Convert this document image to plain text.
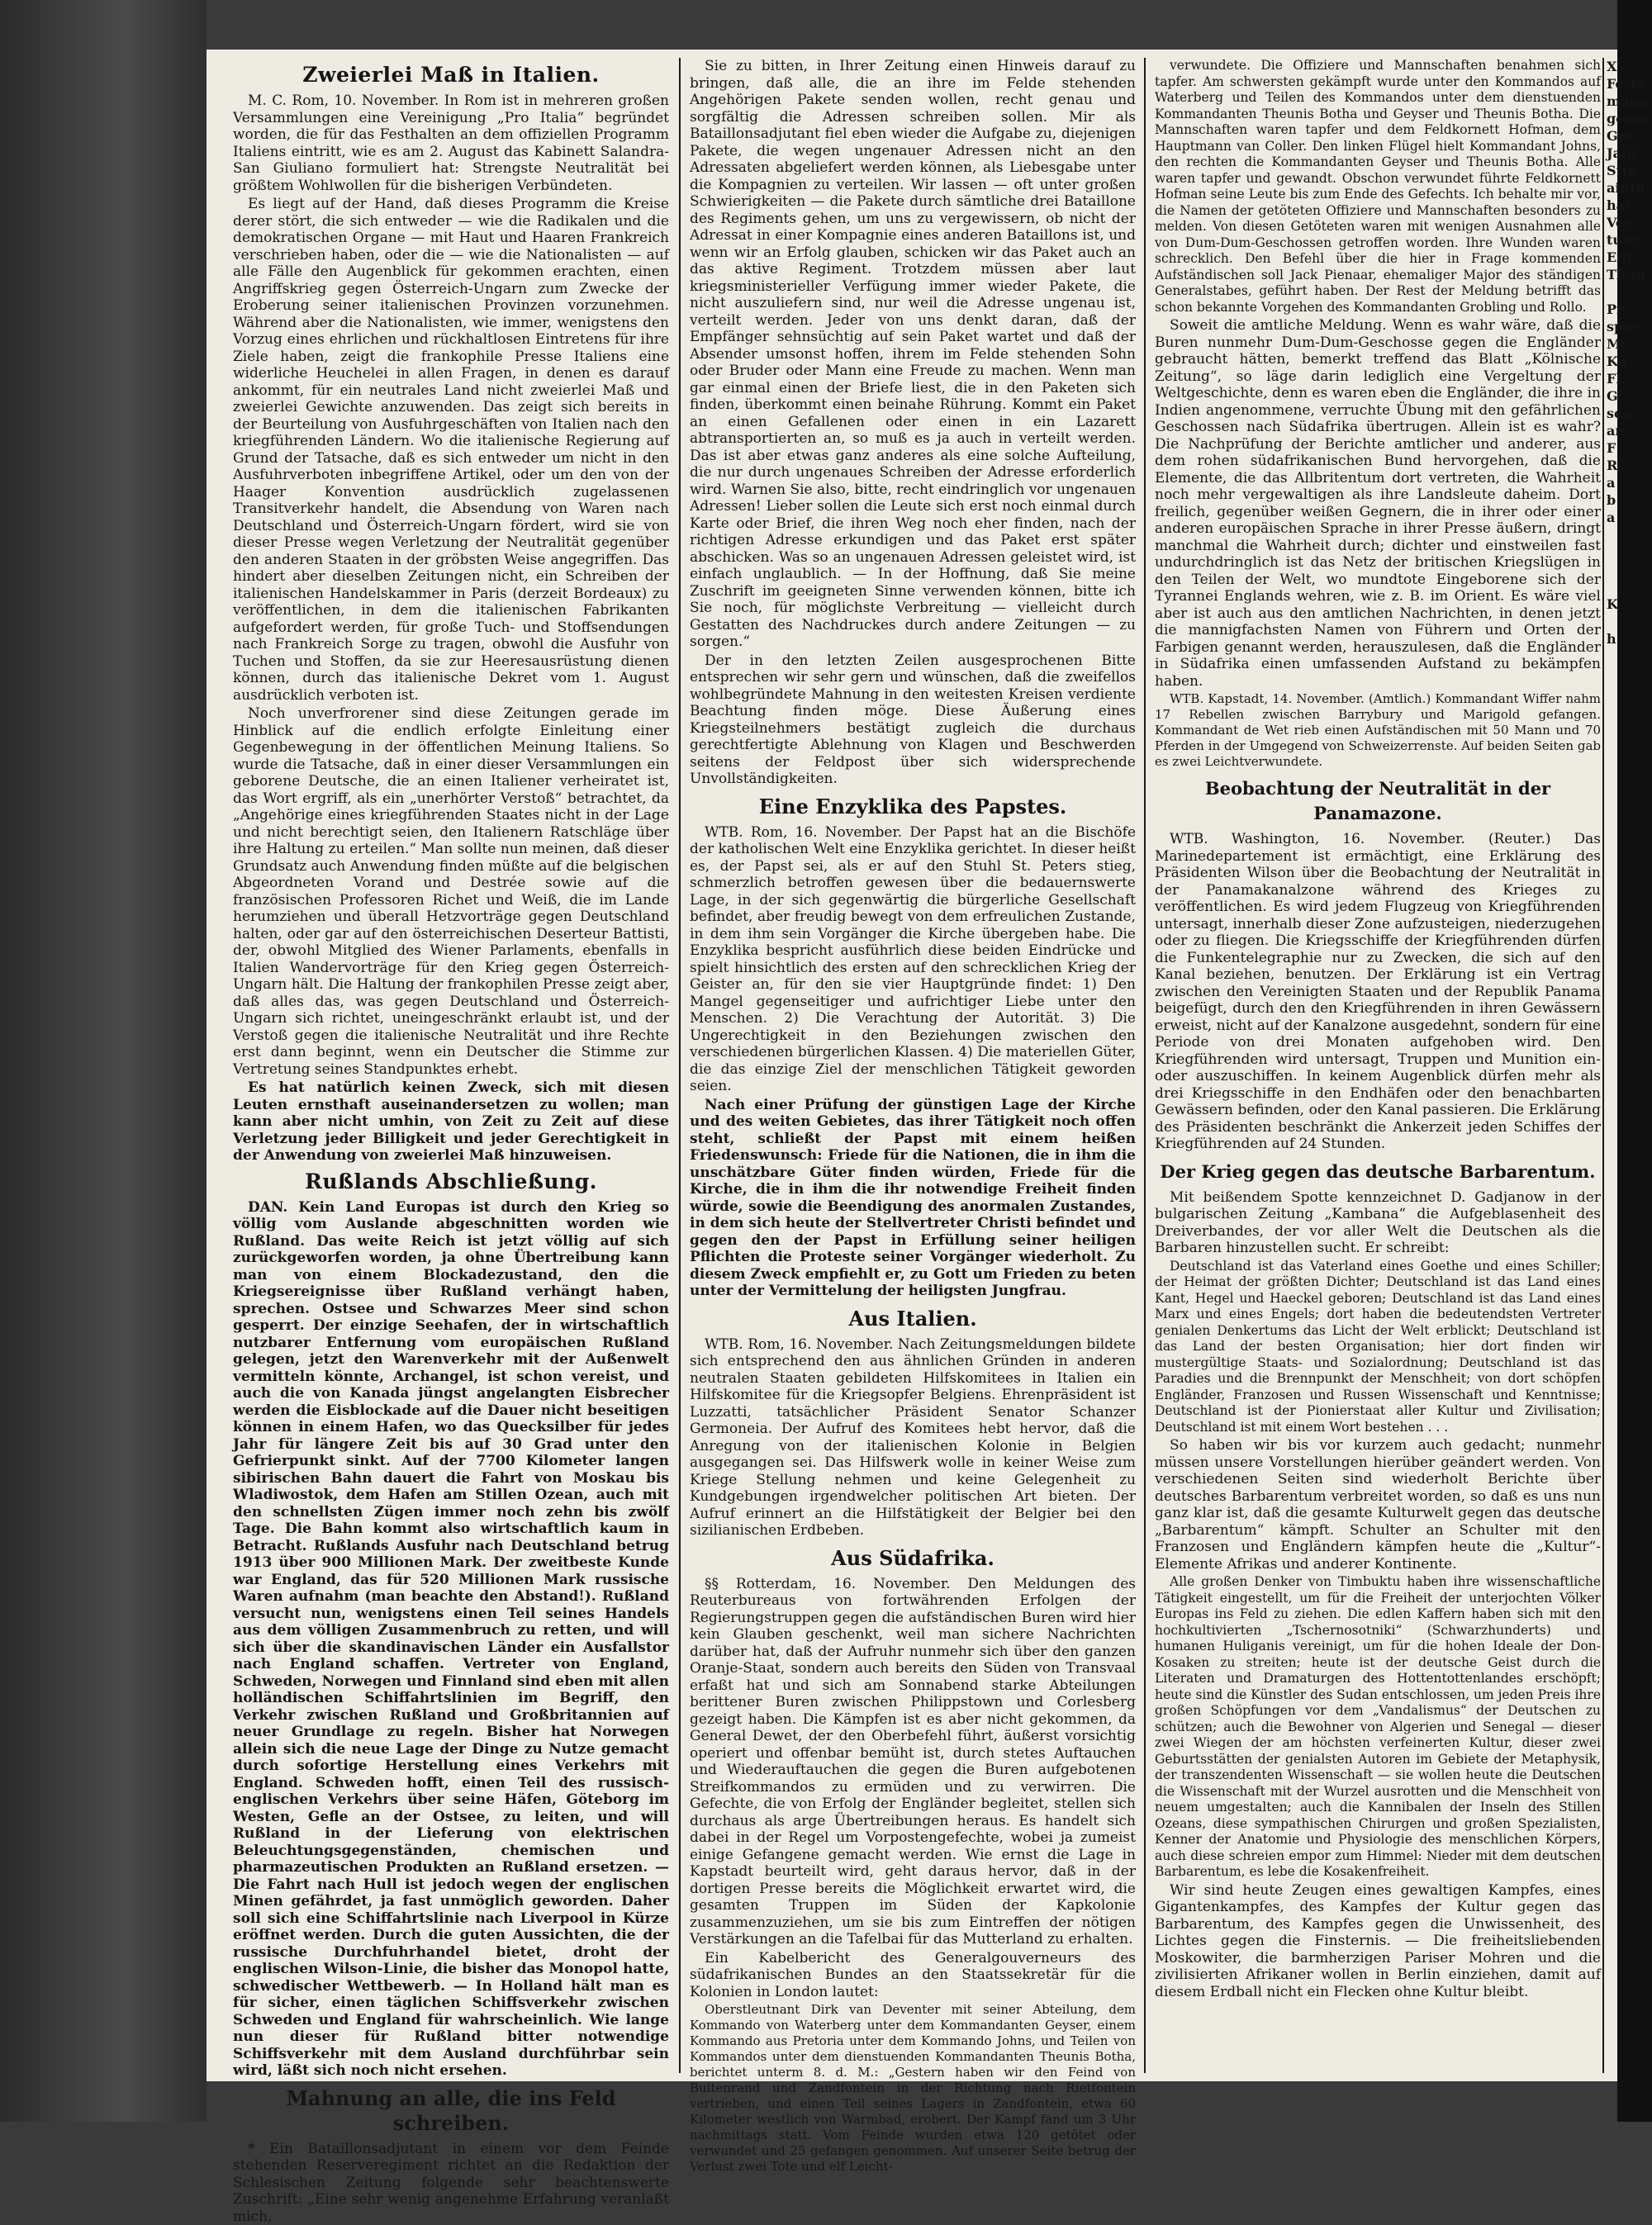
Zweierlei Maß in Italien.

M. C. Rom, 10. November. In Rom ist in mehreren großen Versammlungen eine Vereinigung „Pro Italia“ begründet worden, die für das Festhalten an dem offiziellen Programm Italiens eintritt, wie es am 2. August das Kabinett Salandra-San Giuliano formuliert hat: Strengste Neutralität bei größtem Wohlwollen für die bisherigen Verbündeten.

Es liegt auf der Hand, daß dieses Programm die Kreise derer stört, die sich entweder — wie die Radikalen und die demokratischen Organe — mit Haut und Haaren Frankreich verschrieben haben, oder die — wie die Nationalisten — auf alle Fälle den Augenblick für gekommen erachten, einen Angriffskrieg gegen Österreich-Ungarn zum Zwecke der Eroberung seiner italienischen Provinzen vorzunehmen. Während aber die Nationalisten, wie immer, wenigstens den Vorzug eines ehrlichen und rückhaltlosen Eintretens für ihre Ziele haben, zeigt die frankophile Presse Italiens eine widerliche Heuchelei in allen Fragen, in denen es darauf ankommt, für ein neutrales Land nicht zweierlei Maß und zweierlei Gewichte anzuwenden. Das zeigt sich bereits in der Beurteilung von Ausfuhrgeschäften von Italien nach den kriegführenden Ländern. Wo die italienische Regierung auf Grund der Tatsache, daß es sich entweder um nicht in den Ausfuhrverboten inbegriffene Artikel, oder um den von der Haager Konvention ausdrücklich zugelassenen Transitverkehr handelt, die Absendung von Waren nach Deutschland und Österreich-Ungarn fördert, wird sie von dieser Presse wegen Verletzung der Neutralität gegenüber den anderen Staaten in der gröbsten Weise angegriffen. Das hindert aber dieselben Zeitungen nicht, ein Schreiben der italienischen Handelskammer in Paris (derzeit Bordeaux) zu veröffentlichen, in dem die italienischen Fabrikanten aufgefordert werden, für große Tuch- und Stoffsendungen nach Frankreich Sorge zu tragen, obwohl die Ausfuhr von Tuchen und Stoffen, da sie zur Heeresausrüstung dienen können, durch das italienische Dekret vom 1. August ausdrücklich verboten ist.

Noch unverfrorener sind diese Zeitungen gerade im Hinblick auf die endlich erfolgte Einleitung einer Gegenbewegung in der öffentlichen Meinung Italiens. So wurde die Tatsache, daß in einer dieser Versammlungen ein geborene Deutsche, die an einen Italiener verheiratet ist, das Wort ergriff, als ein „unerhörter Verstoß“ betrachtet, da „Angehörige eines kriegführenden Staates nicht in der Lage und nicht berechtigt seien, den Italienern Ratschläge über ihre Haltung zu erteilen.“ Man sollte nun meinen, daß dieser Grundsatz auch Anwendung finden müßte auf die belgischen Abgeordneten Vorand und Destrée sowie auf die französischen Professoren Richet und Weiß, die im Lande herumziehen und überall Hetzvorträge gegen Deutschland halten, oder gar auf den österreichischen Deserteur Battisti, der, obwohl Mitglied des Wiener Parlaments, ebenfalls in Italien Wandervorträge für den Krieg gegen Österreich-Ungarn hält. Die Haltung der frankophilen Presse zeigt aber, daß alles das, was gegen Deutschland und Österreich-Ungarn sich richtet, uneingeschränkt erlaubt ist, und der Verstoß gegen die italienische Neutralität und ihre Rechte erst dann beginnt, wenn ein Deutscher die Stimme zur Vertretung seines Standpunktes erhebt.

Es hat natürlich keinen Zweck, sich mit diesen Leuten ernsthaft auseinandersetzen zu wollen; man kann aber nicht umhin, von Zeit zu Zeit auf diese Verletzung jeder Billigkeit und jeder Gerechtigkeit in der Anwendung von zweierlei Maß hinzuweisen.

Rußlands Abschließung.

DAN. Kein Land Europas ist durch den Krieg so völlig vom Auslande abgeschnitten worden wie Rußland. Das weite Reich ist jetzt völlig auf sich zurückgeworfen worden, ja ohne Übertreibung kann man von einem Blockadezustand, den die Kriegsereignisse über Rußland verhängt haben, sprechen. Ostsee und Schwarzes Meer sind schon gesperrt. Der einzige Seehafen, der in wirtschaftlich nutzbarer Entfernung vom europäischen Rußland gelegen, jetzt den Warenverkehr mit der Außenwelt vermitteln könnte, Archangel, ist schon vereist, und auch die von Kanada jüngst angelangten Eisbrecher werden die Eisblockade auf die Dauer nicht beseitigen können in einem Hafen, wo das Quecksilber für jedes Jahr für längere Zeit bis auf 30 Grad unter den Gefrierpunkt sinkt. Auf der 7700 Kilometer langen sibirischen Bahn dauert die Fahrt von Moskau bis Wladiwostok, dem Hafen am Stillen Ozean, auch mit den schnellsten Zügen immer noch zehn bis zwölf Tage. Die Bahn kommt also wirtschaftlich kaum in Betracht. Rußlands Ausfuhr nach Deutschland betrug 1913 über 900 Millionen Mark. Der zweitbeste Kunde war England, das für 520 Millionen Mark russische Waren aufnahm (man beachte den Abstand!). Rußland versucht nun, wenigstens einen Teil seines Handels aus dem völligen Zusammenbruch zu retten, und will sich über die skandinavischen Länder ein Ausfallstor nach England schaffen. Vertreter von England, Schweden, Norwegen und Finnland sind eben mit allen holländischen Schiffahrtslinien im Begriff, den Verkehr zwischen Rußland und Großbritannien auf neuer Grundlage zu regeln. Bisher hat Norwegen allein sich die neue Lage der Dinge zu Nutze gemacht durch sofortige Herstellung eines Verkehrs mit England. Schweden hofft, einen Teil des russisch-englischen Verkehrs über seine Häfen, Göteborg im Westen, Gefle an der Ostsee, zu leiten, und will Rußland in der Lieferung von elektrischen Beleuchtungsgegenständen, chemischen und pharmazeutischen Produkten an Rußland ersetzen. — Die Fahrt nach Hull ist jedoch wegen der englischen Minen gefährdet, ja fast unmöglich geworden. Daher soll sich eine Schiffahrtslinie nach Liverpool in Kürze eröffnet werden. Durch die guten Aussichten, die der russische Durchfuhrhandel bietet, droht der englischen Wilson-Linie, die bisher das Monopol hatte, schwedischer Wettbewerb. — In Holland hält man es für sicher, einen täglichen Schiffsverkehr zwischen Schweden und England für wahrscheinlich. Wie lange nun dieser für Rußland bitter notwendige Schiffsverkehr mit dem Ausland durchführbar sein wird, läßt sich noch nicht ersehen.

Mahnung an alle, die ins Feld schreiben.

* Ein Bataillonsadjutant in einem vor dem Feinde stehenden Reserveregiment richtet an die Redaktion der Schlesischen Zeitung folgende sehr beachtenswerte Zuschrift: „Eine sehr wenig angenehme Erfahrung veranlaßt mich,

Sie zu bitten, in Ihrer Zeitung einen Hinweis darauf zu bringen, daß alle, die an ihre im Felde stehenden Angehörigen Pakete senden wollen, recht genau und sorgfältig die Adressen schreiben sollen. Mir als Bataillonsadjutant fiel eben wieder die Aufgabe zu, diejenigen Pakete, die wegen ungenauer Adressen nicht an den Adressaten abgeliefert werden können, als Liebesgabe unter die Kompagnien zu verteilen. Wir lassen — oft unter großen Schwierigkeiten — die Pakete durch sämtliche drei Bataillone des Regiments gehen, um uns zu vergewissern, ob nicht der Adressat in einer Kompagnie eines anderen Bataillons ist, und wenn wir an Erfolg glauben, schicken wir das Paket auch an das aktive Regiment. Trotzdem müssen aber laut kriegsministerieller Verfügung immer wieder Pakete, die nicht auszuliefern sind, nur weil die Adresse ungenau ist, verteilt werden. Jeder von uns denkt daran, daß der Empfänger sehnsüchtig auf sein Paket wartet und daß der Absender umsonst hoffen, ihrem im Felde stehenden Sohn oder Bruder oder Mann eine Freude zu machen. Wenn man gar einmal einen der Briefe liest, die in den Paketen sich finden, überkommt einen beinahe Rührung. Kommt ein Paket an einen Gefallenen oder einen in ein Lazarett abtransportierten an, so muß es ja auch in verteilt werden. Das ist aber etwas ganz anderes als eine solche Aufteilung, die nur durch ungenaues Schreiben der Adresse erforderlich wird. Warnen Sie also, bitte, recht eindringlich vor ungenauen Adressen! Lieber sollen die Leute sich erst noch einmal durch Karte oder Brief, die ihren Weg noch eher finden, nach der richtigen Adresse erkundigen und das Paket erst später abschicken. Was so an ungenauen Adressen geleistet wird, ist einfach unglaublich. — In der Hoffnung, daß Sie meine Zuschrift im geeigneten Sinne verwenden können, bitte ich Sie noch, für möglichste Verbreitung — vielleicht durch Gestatten des Nachdruckes durch andere Zeitungen — zu sorgen.“

Der in den letzten Zeilen ausgesprochenen Bitte entsprechen wir sehr gern und wünschen, daß die zweifellos wohlbegründete Mahnung in den weitesten Kreisen verdiente Beachtung finden möge. Diese Äußerung eines Kriegsteilnehmers bestätigt zugleich die durchaus gerechtfertigte Ablehnung von Klagen und Beschwerden seitens der Feldpost über sich widersprechende Unvollständigkeiten.

Eine Enzyklika des Papstes.

WTB. Rom, 16. November. Der Papst hat an die Bischöfe der katholischen Welt eine Enzyklika gerichtet. In dieser heißt es, der Papst sei, als er auf den Stuhl St. Peters stieg, schmerzlich betroffen gewesen über die bedauernswerte Lage, in der sich gegenwärtig die bürgerliche Gesellschaft befindet, aber freudig bewegt von dem erfreulichen Zustande, in dem ihm sein Vorgänger die Kirche übergeben habe. Die Enzyklika bespricht ausführlich diese beiden Eindrücke und spielt hinsichtlich des ersten auf den schrecklichen Krieg der Geister an, für den sie vier Hauptgründe findet: 1) Den Mangel gegenseitiger und aufrichtiger Liebe unter den Menschen. 2) Die Verachtung der Autorität. 3) Die Ungerechtigkeit in den Beziehungen zwischen den verschiedenen bürgerlichen Klassen. 4) Die materiellen Güter, die das einzige Ziel der menschlichen Tätigkeit geworden seien.

Nach einer Prüfung der günstigen Lage der Kirche und des weiten Gebietes, das ihrer Tätigkeit noch offen steht, schließt der Papst mit einem heißen Friedenswunsch: Friede für die Nationen, die in ihm die unschätzbare Güter finden würden, Friede für die Kirche, die in ihm die ihr notwendige Freiheit finden würde, sowie die Beendigung des anormalen Zustandes, in dem sich heute der Stellvertreter Christi befindet und gegen den der Papst in Erfüllung seiner heiligen Pflichten die Proteste seiner Vorgänger wiederholt. Zu diesem Zweck empfiehlt er, zu Gott um Frieden zu beten unter der Vermittelung der heiligsten Jungfrau.

Aus Italien.

WTB. Rom, 16. November. Nach Zeitungsmeldungen bildete sich entsprechend den aus ähnlichen Gründen in anderen neutralen Staaten gebildeten Hilfskomitees in Italien ein Hilfskomitee für die Kriegsopfer Belgiens. Ehrenpräsident ist Luzzatti, tatsächlicher Präsident Senator Schanzer Germoneia. Der Aufruf des Komitees hebt hervor, daß die Anregung von der italienischen Kolonie in Belgien ausgegangen sei. Das Hilfswerk wolle in keiner Weise zum Kriege Stellung nehmen und keine Gelegenheit zu Kundgebungen irgendwelcher politischen Art bieten. Der Aufruf erinnert an die Hilfstätigkeit der Belgier bei den sizilianischen Erdbeben.

Aus Südafrika.

§§ Rotterdam, 16. November. Den Meldungen des Reuterbureaus von fortwährenden Erfolgen der Regierungstruppen gegen die aufständischen Buren wird hier kein Glauben geschenkt, weil man sichere Nachrichten darüber hat, daß der Aufruhr nunmehr sich über den ganzen Oranje-Staat, sondern auch bereits den Süden von Transvaal erfaßt hat und sich am Sonnabend starke Abteilungen berittener Buren zwischen Philippstown und Corlesberg gezeigt haben. Die Kämpfen ist es aber nicht gekommen, da General Dewet, der den Oberbefehl führt, äußerst vorsichtig operiert und offenbar bemüht ist, durch stetes Auftauchen und Wiederauftauchen die gegen die Buren aufgebotenen Streifkommandos zu ermüden und zu verwirren. Die Gefechte, die von Erfolg der Engländer begleitet, stellen sich durchaus als arge Übertreibungen heraus. Es handelt sich dabei in der Regel um Vorpostengefechte, wobei ja zumeist einige Gefangene gemacht werden. Wie ernst die Lage in Kapstadt beurteilt wird, geht daraus hervor, daß in der dortigen Presse bereits die Möglichkeit erwartet wird, die gesamten Truppen im Süden der Kapkolonie zusammenzuziehen, um sie bis zum Eintreffen der nötigen Verstärkungen an die Tafelbai für das Mutterland zu erhalten.

Ein Kabelbericht des Generalgouverneurs des südafrikanischen Bundes an den Staatssekretär für die Kolonien in London lautet:

Oberstleutnant Dirk van Deventer mit seiner Abteilung, dem Kommando von Waterberg unter dem Kommandanten Geyser, einem Kommando aus Pretoria unter dem Kommando Johns, und Teilen von Kommandos unter dem dienstuenden Kommandanten Theunis Botha, berichtet unterm 8. d. M.: „Gestern haben wir den Feind von Buitenrand und Zandfontein in der Richtung nach Rietfontein vertrieben, und einen Teil seines Lagers in Zandfontein, etwa 60 Kilometer westlich von Warmbad, erobert. Der Kampf fand um 3 Uhr nachmittags statt. Vom Feinde wurden etwa 120 getötet oder verwundet und 25 gefangen genommen. Auf unserer Seite betrug der Verlust zwei Tote und elf Leicht-

verwundete. Die Offiziere und Mannschaften benahmen sich tapfer. Am schwersten gekämpft wurde unter den Kommandos auf Waterberg und Teilen des Kommandos unter dem dienstuenden Kommandanten Theunis Botha und Geyser und Theunis Botha. Die Mannschaften waren tapfer und dem Feldkornett Hofman, dem Hauptmann van Coller. Den linken Flügel hielt Kommandant Johns, den rechten die Kommandanten Geyser und Theunis Botha. Alle waren tapfer und gewandt. Obschon verwundet führte Feldkornett Hofman seine Leute bis zum Ende des Gefechts. Ich behalte mir vor, die Namen der getöteten Offiziere und Mannschaften besonders zu melden. Von diesen Getöteten waren mit wenigen Ausnahmen alle von Dum-Dum-Geschossen getroffen worden. Ihre Wunden waren schrecklich. Den Befehl über die hier in Frage kommenden Aufständischen soll Jack Pienaar, ehemaliger Major des ständigen Generalstabes, geführt haben. Der Rest der Meldung betrifft das schon bekannte Vorgehen des Kommandanten Grobling und Rollo.

Soweit die amtliche Meldung. Wenn es wahr wäre, daß die Buren nunmehr Dum-Dum-Geschosse gegen die Engländer gebraucht hätten, bemerkt treffend das Blatt „Kölnische Zeitung“, so läge darin lediglich eine Vergeltung der Weltgeschichte, denn es waren eben die Engländer, die ihre in Indien angenommene, verruchte Übung mit den gefährlichen Geschossen nach Südafrika übertrugen. Allein ist es wahr? Die Nachprüfung der Berichte amtlicher und anderer, aus dem rohen südafrikanischen Bund hervorgehen, daß die Elemente, die das Allbritentum dort vertreten, die Wahrheit noch mehr vergewaltigen als ihre Landsleute daheim. Dort freilich, gegenüber weißen Gegnern, die in ihrer oder einer anderen europäischen Sprache in ihrer Presse äußern, dringt manchmal die Wahrheit durch; dichter und einstweilen fast undurchdringlich ist das Netz der britischen Kriegslügen in den Teilen der Welt, wo mundtote Eingeborene sich der Tyrannei Englands wehren, wie z. B. im Orient. Es wäre viel aber ist auch aus den amtlichen Nachrichten, in denen jetzt die mannigfachsten Namen von Führern und Orten der Farbigen genannt werden, herauszulesen, daß die Engländer in Südafrika einen umfassenden Aufstand zu bekämpfen haben.

WTB. Kapstadt, 14. November. (Amtlich.) Kommandant Wiffer nahm 17 Rebellen zwischen Barrybury und Marigold gefangen. Kommandant de Wet rieb einen Aufständischen mit 50 Mann und 70 Pferden in der Umgegend von Schweizerrenste. Auf beiden Seiten gab es zwei Leichtverwundete.

Beobachtung der Neutralität in der Panamazone.

WTB. Washington, 16. November. (Reuter.) Das Marinedepartement ist ermächtigt, eine Erklärung des Präsidenten Wilson über die Beobachtung der Neutralität in der Panamakanalzone während des Krieges zu veröffentlichen. Es wird jedem Flugzeug von Kriegführenden untersagt, innerhalb dieser Zone aufzusteigen, niederzugehen oder zu fliegen. Die Kriegsschiffe der Kriegführenden dürfen die Funkentelegraphie nur zu Zwecken, die sich auf den Kanal beziehen, benutzen. Der Erklärung ist ein Vertrag zwischen den Vereinigten Staaten und der Republik Panama beigefügt, durch den den Kriegführenden in ihren Gewässern erweist, nicht auf der Kanalzone ausgedehnt, sondern für eine Periode von drei Monaten aufgehoben wird. Den Kriegführenden wird untersagt, Truppen und Munition ein- oder auszuschiffen. In keinem Augenblick dürfen mehr als drei Kriegsschiffe in den Endhäfen oder den benachbarten Gewässern befinden, oder den Kanal passieren. Die Erklärung des Präsidenten beschränkt die Ankerzeit jeden Schiffes der Kriegführenden auf 24 Stunden.

Der Krieg gegen das deutsche Barbarentum.

Mit beißendem Spotte kennzeichnet D. Gadjanow in der bulgarischen Zeitung „Kambana“ die Aufgeblasenheit des Dreiverbandes, der vor aller Welt die Deutschen als die Barbaren hinzustellen sucht. Er schreibt:

Deutschland ist das Vaterland eines Goethe und eines Schiller; der Heimat der größten Dichter; Deutschland ist das Land eines Kant, Hegel und Haeckel geboren; Deutschland ist das Land eines Marx und eines Engels; dort haben die bedeutendsten Vertreter genialen Denkertums das Licht der Welt erblickt; Deutschland ist das Land der besten Organisation; hier dort finden wir mustergültige Staats- und Sozialordnung; Deutschland ist das Paradies und die Brennpunkt der Menschheit; von dort schöpfen Engländer, Franzosen und Russen Wissenschaft und Kenntnisse; Deutschland ist der Pionierstaat aller Kultur und Zivilisation; Deutschland ist mit einem Wort bestehen . . .

So haben wir bis vor kurzem auch gedacht; nunmehr müssen unsere Vorstellungen hierüber geändert werden. Von verschiedenen Seiten sind wiederholt Berichte über deutsches Barbarentum verbreitet worden, so daß es uns nun ganz klar ist, daß die gesamte Kulturwelt gegen das deutsche „Barbarentum“ kämpft. Schulter an Schulter mit den Franzosen und Engländern kämpfen heute die „Kultur“-Elemente Afrikas und anderer Kontinente.

Alle großen Denker von Timbuktu haben ihre wissenschaftliche Tätigkeit eingestellt, um für die Freiheit der unterjochten Völker Europas ins Feld zu ziehen. Die edlen Kaffern haben sich mit den hochkultivierten „Tschernosotniki“ (Schwarzhunderts) und humanen Huliganis vereinigt, um für die hohen Ideale der Don-Kosaken zu streiten; heute ist der deutsche Geist durch die Literaten und Dramaturgen des Hottentottenlandes erschöpft; heute sind die Künstler des Sudan entschlossen, um jeden Preis ihre großen Schöpfungen vor dem „Vandalismus“ der Deutschen zu schützen; auch die Bewohner von Algerien und Senegal — dieser zwei Wiegen der am höchsten verfeinerten Kultur, dieser zwei Geburtsstätten der genialsten Autoren im Gebiete der Metaphysik, der transzendenten Wissenschaft — sie wollen heute die Deutschen die Wissenschaft mit der Wurzel ausrotten und die Menschheit von neuem umgestalten; auch die Kannibalen der Inseln des Stillen Ozeans, diese sympathischen Chirurgen und großen Spezialisten, Kenner der Anatomie und Physiologie des menschlichen Körpers, auch diese schreien empor zum Himmel: Nieder mit dem deutschen Barbarentum, es lebe die Kosakenfreiheit.

Wir sind heute Zeugen eines gewaltigen Kampfes, eines Gigantenkampfes, des Kampfes der Kultur gegen das Barbarentum, des Kampfes gegen die Unwissenheit, des Lichtes gegen die Finsternis. — Die freiheitsliebenden Moskowiter, die barmherzigen Pariser Mohren und die zivilisierten Afrikaner wollen in Berlin einziehen, damit auf diesem Erdball nicht ein Flecken ohne Kultur bleibt.

X
Festr
männ
gesch
Ger
Jahr
Stin
ainfu
hat
Ver
tung
Ent
Thun
Pr
spie
Mi
Ka
Fl
Gi
sen
an
F
R
a
b
a
K
h
